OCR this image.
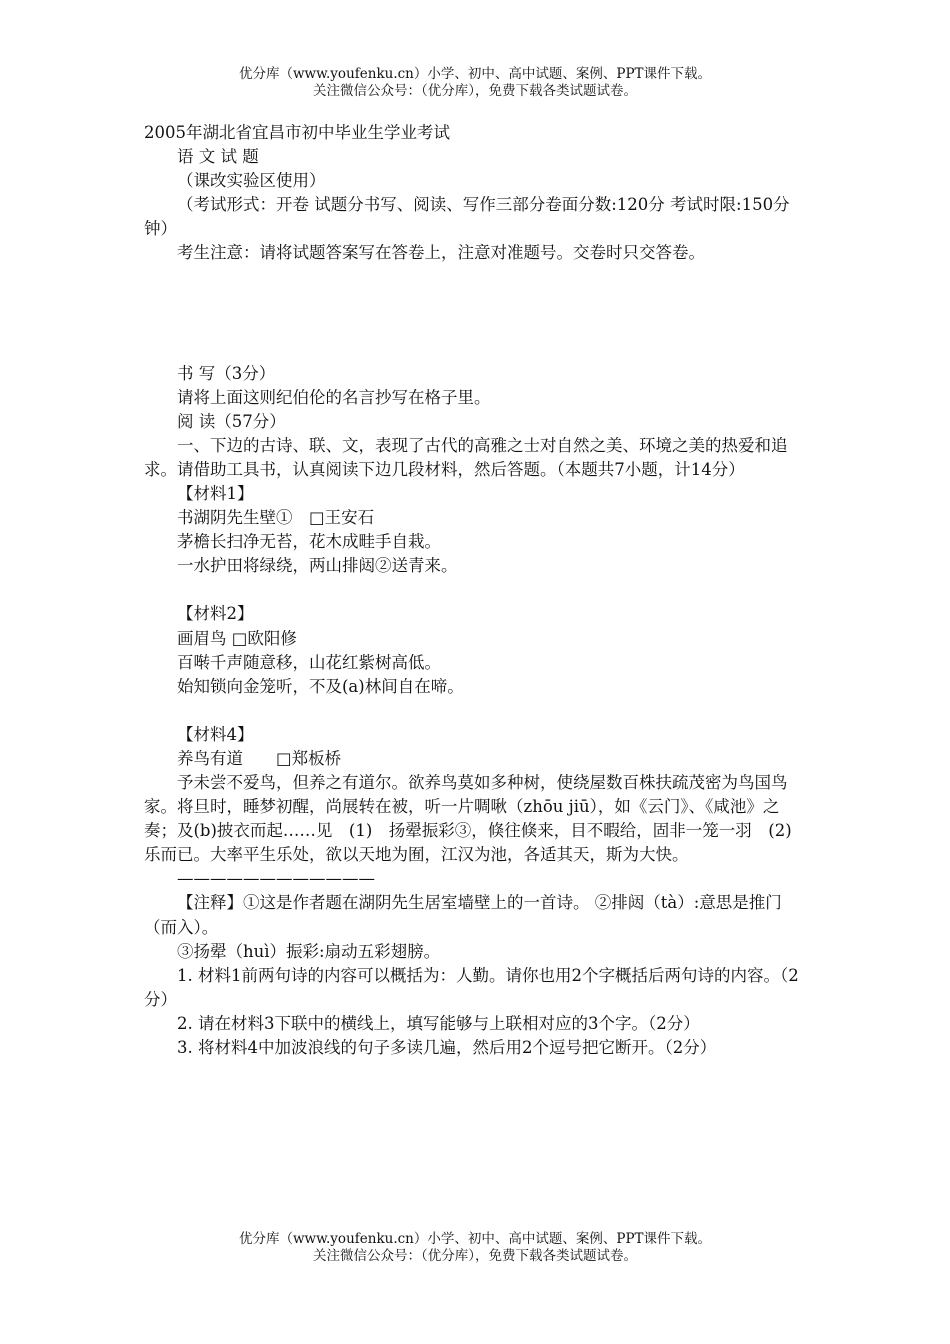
优分库（www.youfenku.cn）小学、初中、高中试题、案例、PPT课件下载。
关注微信公众号：（优分库），免费下载各类试题试卷。

2005年湖北省宜昌市初中毕业生学业考试

语 文 试 题

（课改实验区使用）

（考试形式：开卷 试题分书写、阅读、写作三部分卷面分数:120分 考试时限:150分钟）

考生注意：请将试题答案写在答卷上，注意对准题号。交卷时只交答卷。

书 写（3分）

请将上面这则纪伯伦的名言抄写在格子里。

阅 读（57分）

一、下边的古诗、联、文，表现了古代的高雅之士对自然之美、环境之美的热爱和追求。请借助工具书，认真阅读下边几段材料，然后答题。（本题共7小题，计14分）

【材料1】

书湖阴先生壁①　□王安石

茅檐长扫净无苔，花木成畦手自栽。

一水护田将绿绕，两山排闼②送青来。

【材料2】

画眉鸟 □欧阳修

百啭千声随意移，山花红紫树高低。

始知锁向金笼听，不及(a)林间自在啼。

【材料4】

养鸟有道　　□郑板桥

予未尝不爱鸟，但养之有道尔。欲养鸟莫如多种树，使绕屋数百株扶疏茂密为鸟国鸟家。将旦时，睡梦初醒，尚展转在被，听一片啁啾（zhōu jiū），如《云门》、《咸池》之奏；及(b)披衣而起……见　(1)　扬翚振彩③，倏往倏来，目不暇给，固非一笼一羽　(2)　乐而已。大率平生乐处，欲以天地为囿，江汉为池，各适其天，斯为大快。

————————————

【注释】①这是作者题在湖阴先生居室墙壁上的一首诗。 ②排闼（tà）:意思是推门（而入）。

③扬翚（huì）振彩:扇动五彩翅膀。

1. 材料1前两句诗的内容可以概括为：人勤。请你也用2个字概括后两句诗的内容。（2分）

2. 请在材料3下联中的横线上，填写能够与上联相对应的3个字。（2分）

3. 将材料4中加波浪线的句子多读几遍，然后用2个逗号把它断开。（2分）

优分库（www.youfenku.cn）小学、初中、高中试题、案例、PPT课件下载。
关注微信公众号：（优分库），免费下载各类试题试卷。
